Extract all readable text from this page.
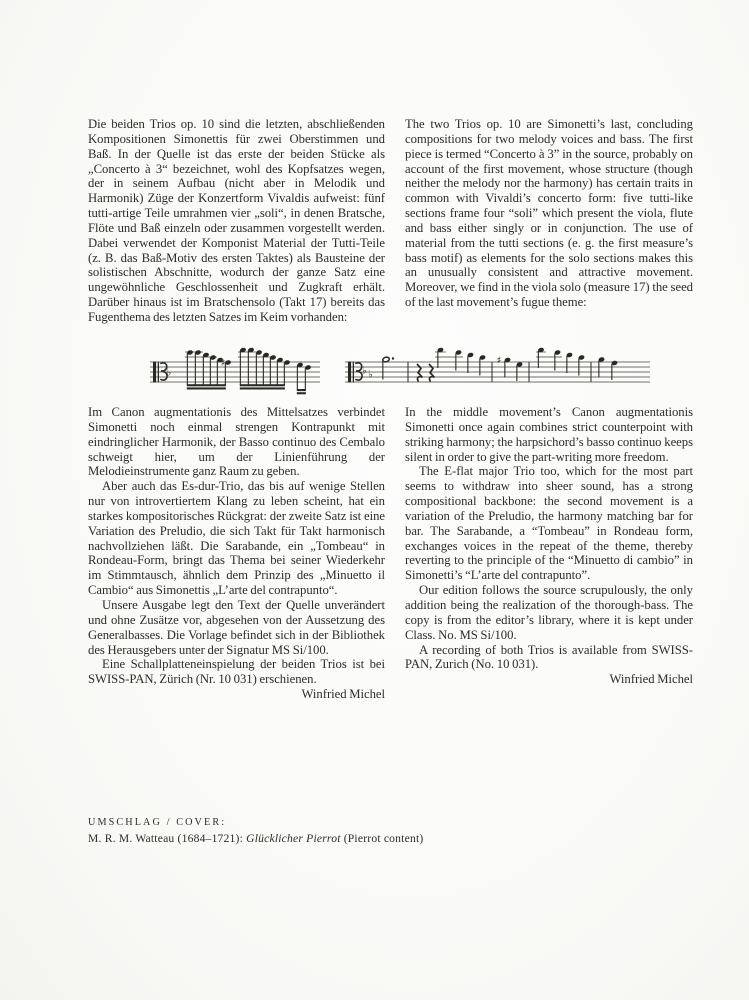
Die beiden Trios op. 10 sind die letzten, abschließenden Kompositionen Simonettis für zwei Oberstimmen und Baß. In der Quelle ist das erste der beiden Stücke als „Concerto à 3“ bezeichnet, wohl des Kopfsatzes wegen, der in seinem Aufbau (nicht aber in Melodik und Harmonik) Züge der Konzertform Vivaldis aufweist: fünf tutti-artige Teile umrahmen vier „soli“, in denen Bratsche, Flöte und Baß einzeln oder zusammen vorgestellt werden. Dabei verwendet der Komponist Material der Tutti-Teile (z. B. das Baß-Motiv des ersten Taktes) als Bausteine der solistischen Abschnitte, wodurch der ganze Satz eine ungewöhnliche Geschlossenheit und Zugkraft erhält. Darüber hinaus ist im Bratschensolo (Takt 17) bereits das Fugenthema des letzten Satzes im Keim vorhanden:

The two Trios op. 10 are Simonetti’s last, concluding compositions for two melody voices and bass. The first piece is termed “Concerto à 3” in the source, probably on account of the first movement, whose structure (though neither the melody nor the harmony) has certain traits in common with Vivaldi’s concerto form: five tutti-like sections frame four “soli” which present the viola, flute and bass either singly or in conjunction. The use of material from the tutti sections (e. g. the first measure’s bass motif) as elements for the solo sections makes this an unusually consistent and attractive movement. Moreover, we find in the viola solo (measure 17) the seed of the last movement’s fugue theme:

♭
♯
♭ ♭
♯

Im Canon augmentationis des Mittelsatzes verbindet Simonetti noch einmal strengen Kontrapunkt mit eindringlicher Harmonik, der Basso continuo des Cembalo schweigt hier, um der Linienführung der Melodieinstrumente ganz Raum zu geben.

Aber auch das Es-dur-Trio, das bis auf wenige Stellen nur von introvertiertem Klang zu leben scheint, hat ein starkes kompositorisches Rückgrat: der zweite Satz ist eine Variation des Preludio, die sich Takt für Takt harmonisch nachvollziehen läßt. Die Sarabande, ein „Tombeau“ in Rondeau-Form, bringt das Thema bei seiner Wiederkehr im Stimmtausch, ähnlich dem Prinzip des „Minuetto il Cambio“ aus Simonettis „L’arte del contrapunto“.

Unsere Ausgabe legt den Text der Quelle unverändert und ohne Zusätze vor, abgesehen von der Aussetzung des Generalbasses. Die Vorlage befindet sich in der Bibliothek des Herausgebers unter der Signatur MS Si/100.

Eine Schallplatteneinspielung der beiden Trios ist bei SWISS-PAN, Zürich (Nr. 10 031) erschienen.

Winfried Michel

In the middle movement’s Canon augmentationis Simonetti once again combines strict counterpoint with striking harmony; the harpsichord’s basso continuo keeps silent in order to give the part-writing more freedom.

The E-flat major Trio too, which for the most part seems to withdraw into sheer sound, has a strong compositional backbone: the second movement is a variation of the Preludio, the harmony matching bar for bar. The Sarabande, a “Tombeau” in Rondeau form, exchanges voices in the repeat of the theme, thereby reverting to the principle of the “Minuetto di cambio” in Simonetti’s “L’arte del contrapunto”.

Our edition follows the source scrupulously, the only addition being the realization of the thorough-bass. The copy is from the editor’s library, where it is kept under Class. No. MS Si/100.

A recording of both Trios is available from SWISS-PAN, Zurich (No. 10 031).

Winfried Michel

UMSCHLAG / COVER:

M. R. M. Watteau (1684–1721): Glücklicher Pierrot (Pierrot content)
